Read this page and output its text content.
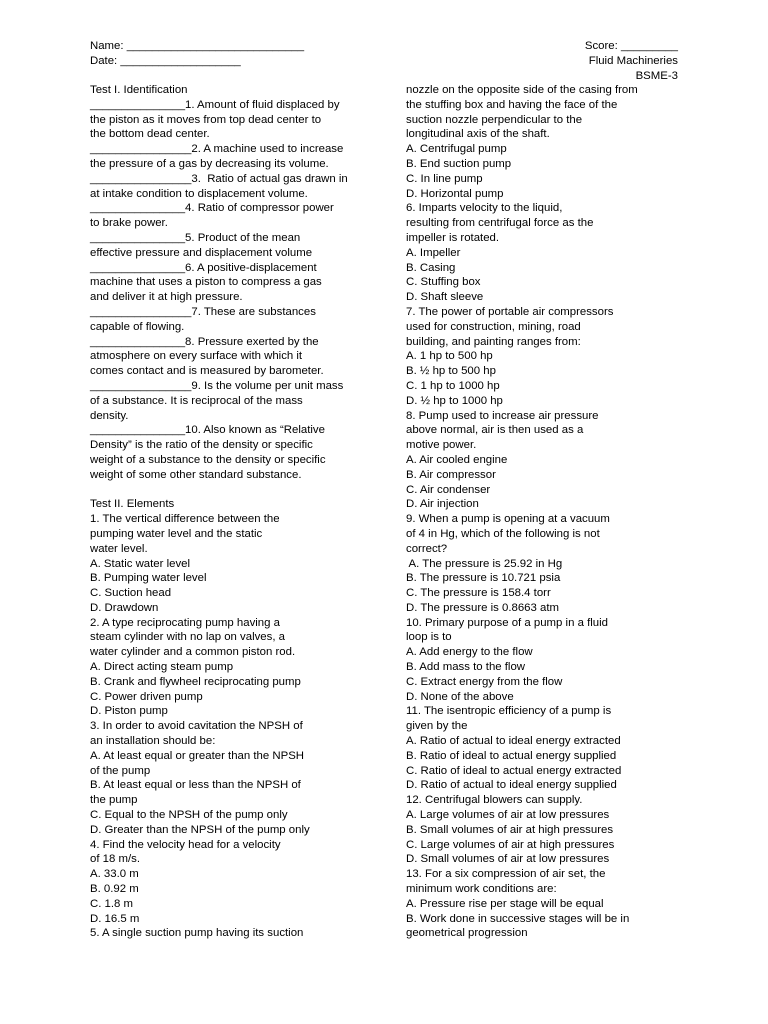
Name: ____________________________
Date: ___________________
Score: _________
Fluid Machineries
BSME-3
Test I. Identification
_______________1. Amount of fluid displaced by
the piston as it moves from top dead center to
the bottom dead center.
________________2. A machine used to increase
the pressure of a gas by decreasing its volume.
________________3.  Ratio of actual gas drawn in
at intake condition to displacement volume.
_______________4. Ratio of compressor power
to brake power.
_______________5. Product of the mean
effective pressure and displacement volume
_______________6. A positive-displacement
machine that uses a piston to compress a gas
and deliver it at high pressure.
________________7. These are substances
capable of flowing.
_______________8. Pressure exerted by the
atmosphere on every surface with which it
comes contact and is measured by barometer.
________________9. Is the volume per unit mass
of a substance. It is reciprocal of the mass
density.
_______________10. Also known as “Relative
Density” is the ratio of the density or specific
weight of a substance to the density or specific
weight of some other standard substance.
Test II. Elements
1. The vertical difference between the
pumping water level and the static
water level.
A. Static water level
B. Pumping water level
C. Suction head
D. Drawdown
2. A type reciprocating pump having a
steam cylinder with no lap on valves, a
water cylinder and a common piston rod.
A. Direct acting steam pump
B. Crank and flywheel reciprocating pump
C. Power driven pump
D. Piston pump
3. In order to avoid cavitation the NPSH of
an installation should be:
A. At least equal or greater than the NPSH
of the pump
B. At least equal or less than the NPSH of
the pump
C. Equal to the NPSH of the pump only
D. Greater than the NPSH of the pump only
4. Find the velocity head for a velocity
of 18 m/s.
A. 33.0 m
B. 0.92 m
C. 1.8 m
D. 16.5 m
5. A single suction pump having its suction
nozzle on the opposite side of the casing from
the stuffing box and having the face of the
suction nozzle perpendicular to the
longitudinal axis of the shaft.
A. Centrifugal pump
B. End suction pump
C. In line pump
D. Horizontal pump
6. Imparts velocity to the liquid,
resulting from centrifugal force as the
impeller is rotated.
A. Impeller
B. Casing
C. Stuffing box
D. Shaft sleeve
7. The power of portable air compressors
used for construction, mining, road
building, and painting ranges from:
A. 1 hp to 500 hp
B. ½ hp to 500 hp
C. 1 hp to 1000 hp
D. ½ hp to 1000 hp
8. Pump used to increase air pressure
above normal, air is then used as a
motive power.
A. Air cooled engine
B. Air compressor
C. Air condenser
D. Air injection
9. When a pump is opening at a vacuum
of 4 in Hg, which of the following is not
correct?
A. The pressure is 25.92 in Hg
B. The pressure is 10.721 psia
C. The pressure is 158.4 torr
D. The pressure is 0.8663 atm
10. Primary purpose of a pump in a fluid
loop is to
A. Add energy to the flow
B. Add mass to the flow
C. Extract energy from the flow
D. None of the above
11. The isentropic efficiency of a pump is
given by the
A. Ratio of actual to ideal energy extracted
B. Ratio of ideal to actual energy supplied
C. Ratio of ideal to actual energy extracted
D. Ratio of actual to ideal energy supplied
12. Centrifugal blowers can supply.
A. Large volumes of air at low pressures
B. Small volumes of air at high pressures
C. Large volumes of air at high pressures
D. Small volumes of air at low pressures
13. For a six compression of air set, the
minimum work conditions are:
A. Pressure rise per stage will be equal
B. Work done in successive stages will be in
geometrical progression
